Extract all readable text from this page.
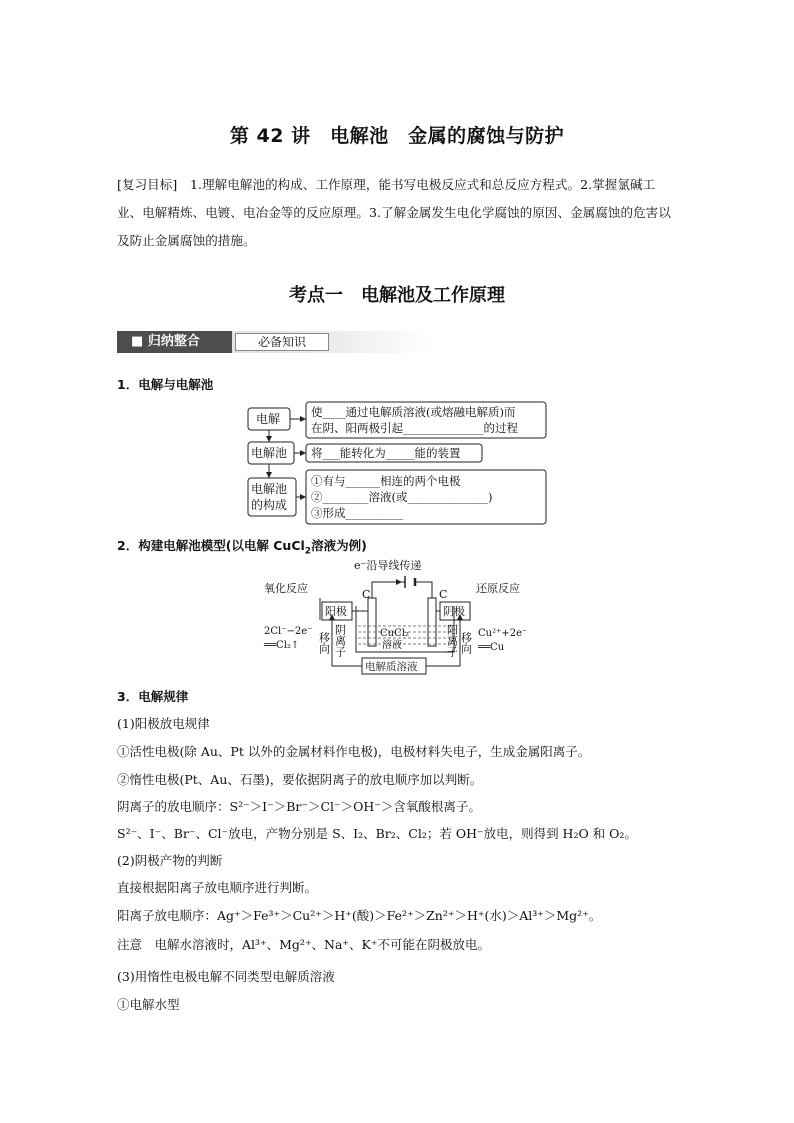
第 42 讲　电解池　金属的腐蚀与防护
[复习目标]　1.理解电解池的构成、工作原理，能书写电极反应式和总反应方程式。2.掌握氯碱工业、电解精炼、电镀、电冶金等的反应原理。3.了解金属发生电化学腐蚀的原因、金属腐蚀的危害以及防止金属腐蚀的措施。
考点一　电解池及工作原理
■ 归纳整合	必备知识
1．电解与电解池
电解
电解池
电解池
的构成
使____通过电解质溶液(或熔融电解质)而
在阴、阳两极引起______________的过程
将___能转化为_____能的装置
①有与______相连的两个电极
②________溶液(或______________)
③形成__________
2．构建电解池模型(以电解 CuCl$_2$溶液为例)
e⁻沿导线传递
氧化反应	还原反应
阳极	阴极
C	C
2Cl⁻−2e⁻
══Cl₂↑
Cu²⁺+2e⁻
══Cu
CuCl₂
溶液
电解质溶液
移向 阴离子	阳离子 移向
3．电解规律
(1)阳极放电规律
①活性电极(除 Au、Pt 以外的金属材料作电极)，电极材料失电子，生成金属阳离子。
②惰性电极(Pt、Au、石墨)，要依据阴离子的放电顺序加以判断。
阴离子的放电顺序：S²⁻＞I⁻＞Br⁻＞Cl⁻＞OH⁻＞含氧酸根离子。
S²⁻、I⁻、Br⁻、Cl⁻放电，产物分别是 S、I₂、Br₂、Cl₂；若 OH⁻放电，则得到 H₂O 和 O₂。
(2)阴极产物的判断
直接根据阳离子放电顺序进行判断。
阳离子放电顺序：Ag⁺＞Fe³⁺＞Cu²⁺＞H⁺(酸)＞Fe²⁺＞Zn²⁺＞H⁺(水)＞Al³⁺＞Mg²⁺。
注意　电解水溶液时，Al³⁺、Mg²⁺、Na⁺、K⁺不可能在阴极放电。
(3)用惰性电极电解不同类型电解质溶液
①电解水型
